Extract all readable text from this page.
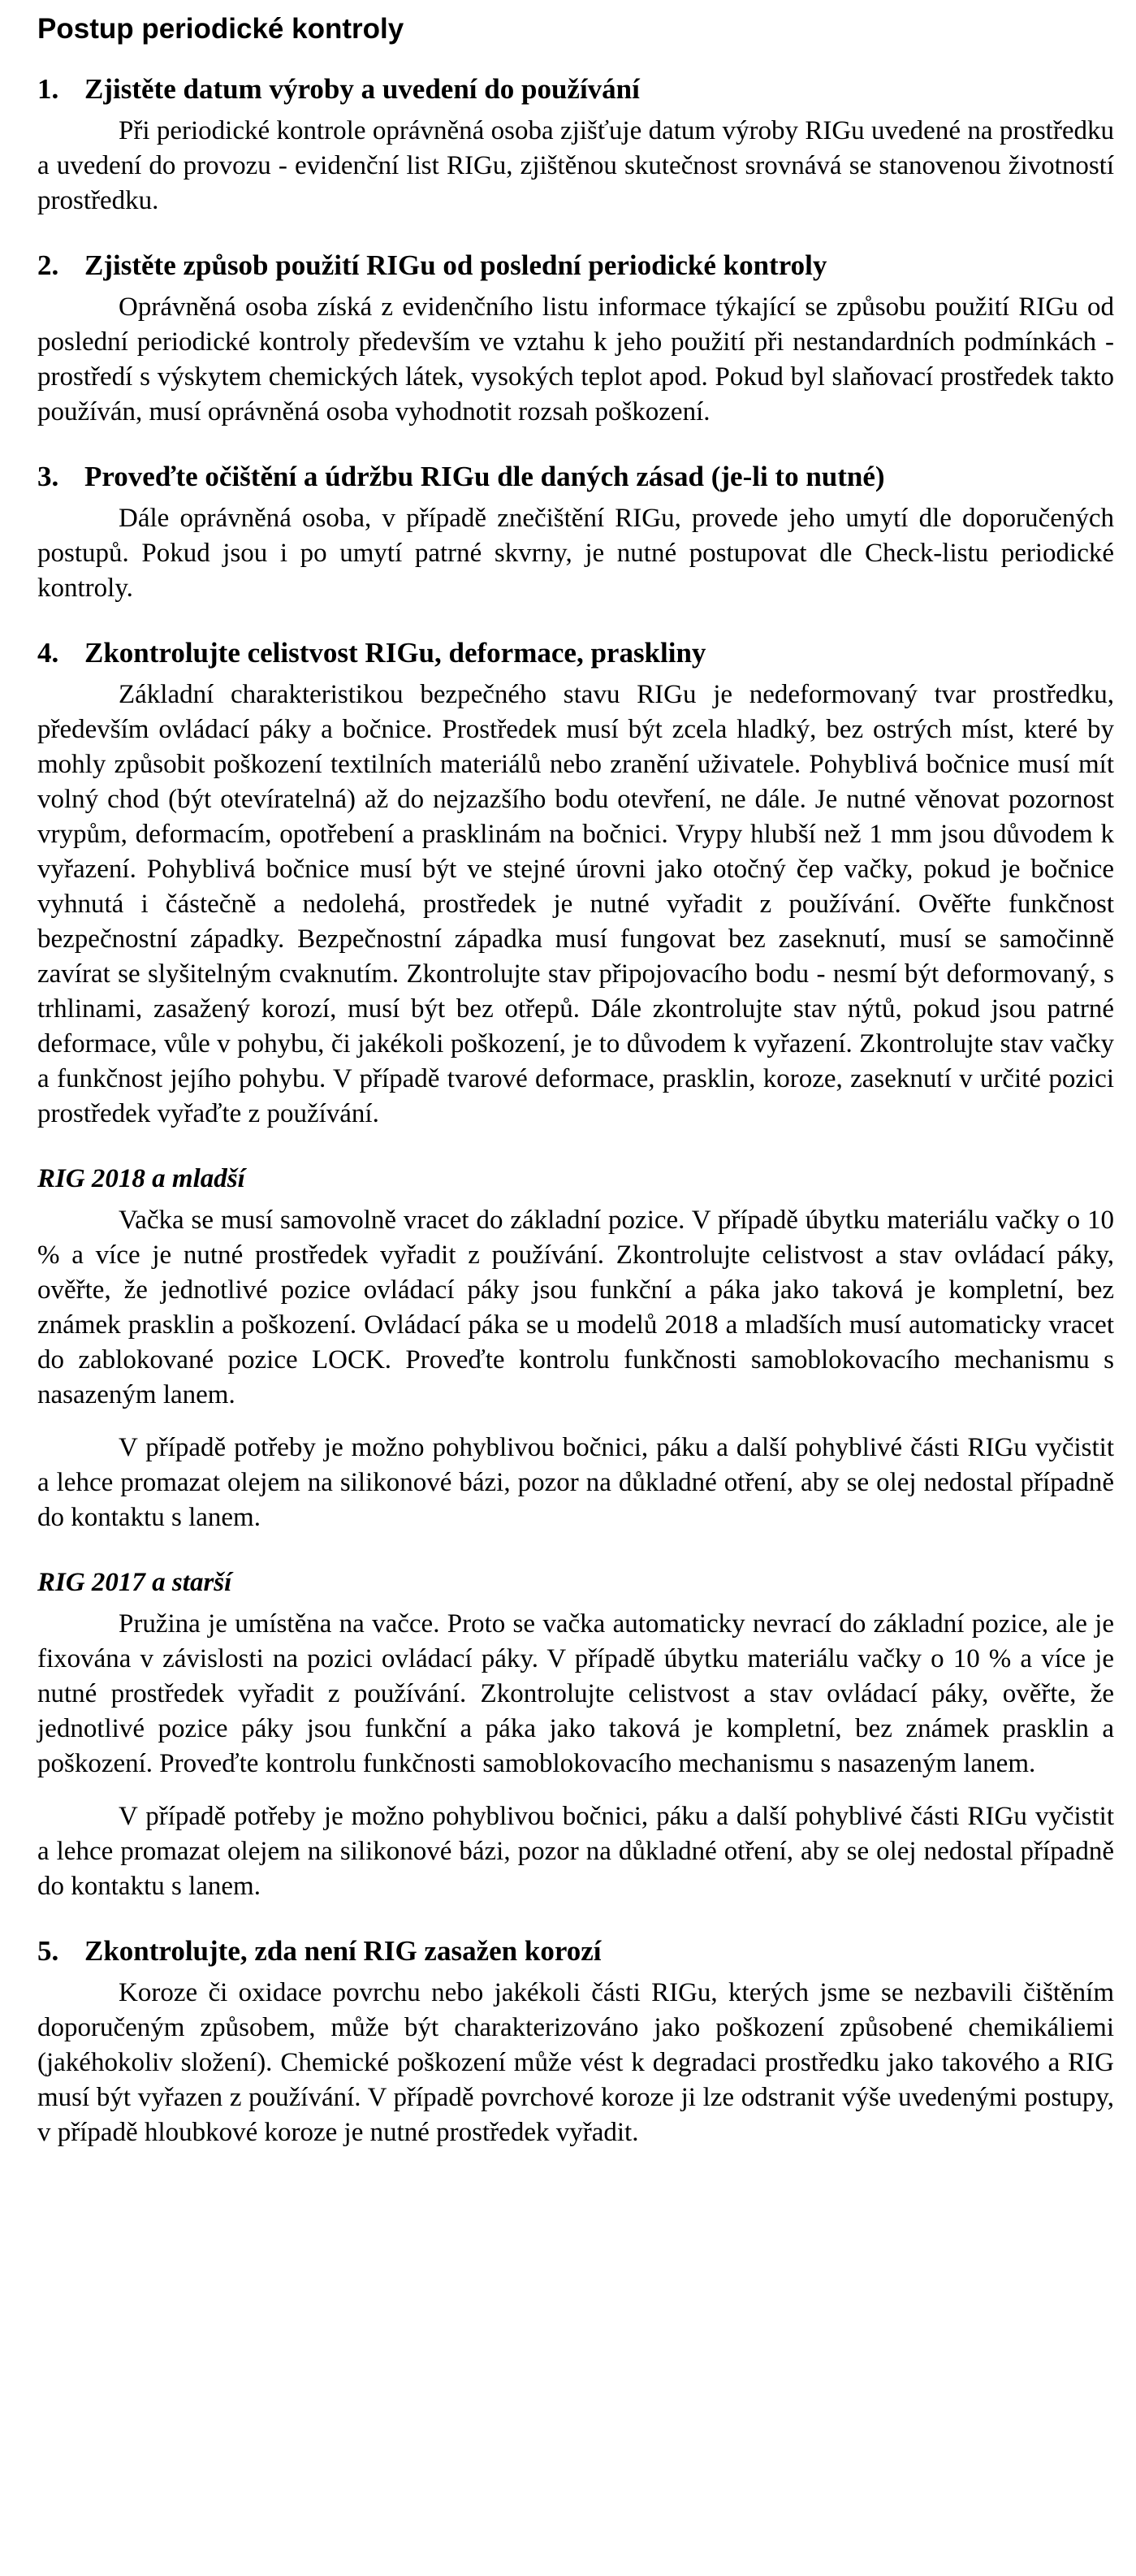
Postup periodické kontroly
1. Zjistěte datum výroby a uvedení do používání

Při periodické kontrole oprávněná osoba zjišťuje datum výroby RIGu uvedené na prostředku a uvedení do provozu - evidenční list RIGu, zjištěnou skutečnost srovnává se stanovenou životností prostředku.

2. Zjistěte způsob použití RIGu od poslední periodické kontroly

Oprávněná osoba získá z evidenčního listu informace týkající se způsobu použití RIGu od poslední periodické kontroly především ve vztahu k jeho použití při nestandardních podmínkách - prostředí s výskytem chemických látek, vysokých teplot apod. Pokud byl slaňovací prostředek takto používán, musí oprávněná osoba vyhodnotit rozsah poškození.

3. Proveďte očištění a údržbu RIGu dle daných zásad (je-li to nutné)

Dále oprávněná osoba, v případě znečištění RIGu, provede jeho umytí dle doporučených postupů. Pokud jsou i po umytí patrné skvrny, je nutné postupovat dle Check-listu periodické kontroly.

4. Zkontrolujte celistvost RIGu, deformace, praskliny

Základní charakteristikou bezpečného stavu RIGu je nedeformovaný tvar prostředku, především ovládací páky a bočnice. Prostředek musí být zcela hladký, bez ostrých míst, které by mohly způsobit poškození textilních materiálů nebo zranění uživatele. Pohyblivá bočnice musí mít volný chod (být otevíratelná) až do nejzazšího bodu otevření, ne dále. Je nutné věnovat pozornost vrypům, deformacím, opotřebení a prasklinám na bočnici. Vrypy hlubší než 1 mm jsou důvodem k vyřazení. Pohyblivá bočnice musí být ve stejné úrovni jako otočný čep vačky, pokud je bočnice vyhnutá i částečně a nedolehá, prostředek je nutné vyřadit z používání. Ověřte funkčnost bezpečnostní západky. Bezpečnostní západka musí fungovat bez zaseknutí, musí se samočinně zavírat se slyšitelným cvaknutím. Zkontrolujte stav připojovacího bodu - nesmí být deformovaný, s trhlinami, zasažený korozí, musí být bez otřepů. Dále zkontrolujte stav nýtů, pokud jsou patrné deformace, vůle v pohybu, či jakékoli poškození, je to důvodem k vyřazení. Zkontrolujte stav vačky a funkčnost jejího pohybu. V případě tvarové deformace, prasklin, koroze, zaseknutí v určité pozici prostředek vyřaďte z používání.

RIG 2018 a mladší

Vačka se musí samovolně vracet do základní pozice. V případě úbytku materiálu vačky o 10 % a více je nutné prostředek vyřadit z používání. Zkontrolujte celistvost a stav ovládací páky, ověřte, že jednotlivé pozice ovládací páky jsou funkční a páka jako taková je kompletní, bez známek prasklin a poškození. Ovládací páka se u modelů 2018 a mladších musí automaticky vracet do zablokované pozice LOCK. Proveďte kontrolu funkčnosti samoblokovacího mechanismu s nasazeným lanem.

V případě potřeby je možno pohyblivou bočnici, páku a další pohyblivé části RIGu vyčistit a lehce promazat olejem na silikonové bázi, pozor na důkladné otření, aby se olej nedostal případně do kontaktu s lanem.

RIG 2017 a starší

Pružina je umístěna na vačce. Proto se vačka automaticky nevrací do základní pozice, ale je fixována v závislosti na pozici ovládací páky. V případě úbytku materiálu vačky o 10 % a více je nutné prostředek vyřadit z používání. Zkontrolujte celistvost a stav ovládací páky, ověřte, že jednotlivé pozice páky jsou funkční a páka jako taková je kompletní, bez známek prasklin a poškození. Proveďte kontrolu funkčnosti samoblokovacího mechanismu s nasazeným lanem.

V případě potřeby je možno pohyblivou bočnici, páku a další pohyblivé části RIGu vyčistit a lehce promazat olejem na silikonové bázi, pozor na důkladné otření, aby se olej nedostal případně do kontaktu s lanem.

5. Zkontrolujte, zda není RIG zasažen korozí

Koroze či oxidace povrchu nebo jakékoli části RIGu, kterých jsme se nezbavili čištěním doporučeným způsobem, může být charakterizováno jako poškození způsobené chemikáliemi (jakéhokoliv složení). Chemické poškození může vést k degradaci prostředku jako takového a RIG musí být vyřazen z používání. V případě povrchové koroze ji lze odstranit výše uvedenými postupy, v případě hloubkové koroze je nutné prostředek vyřadit.
